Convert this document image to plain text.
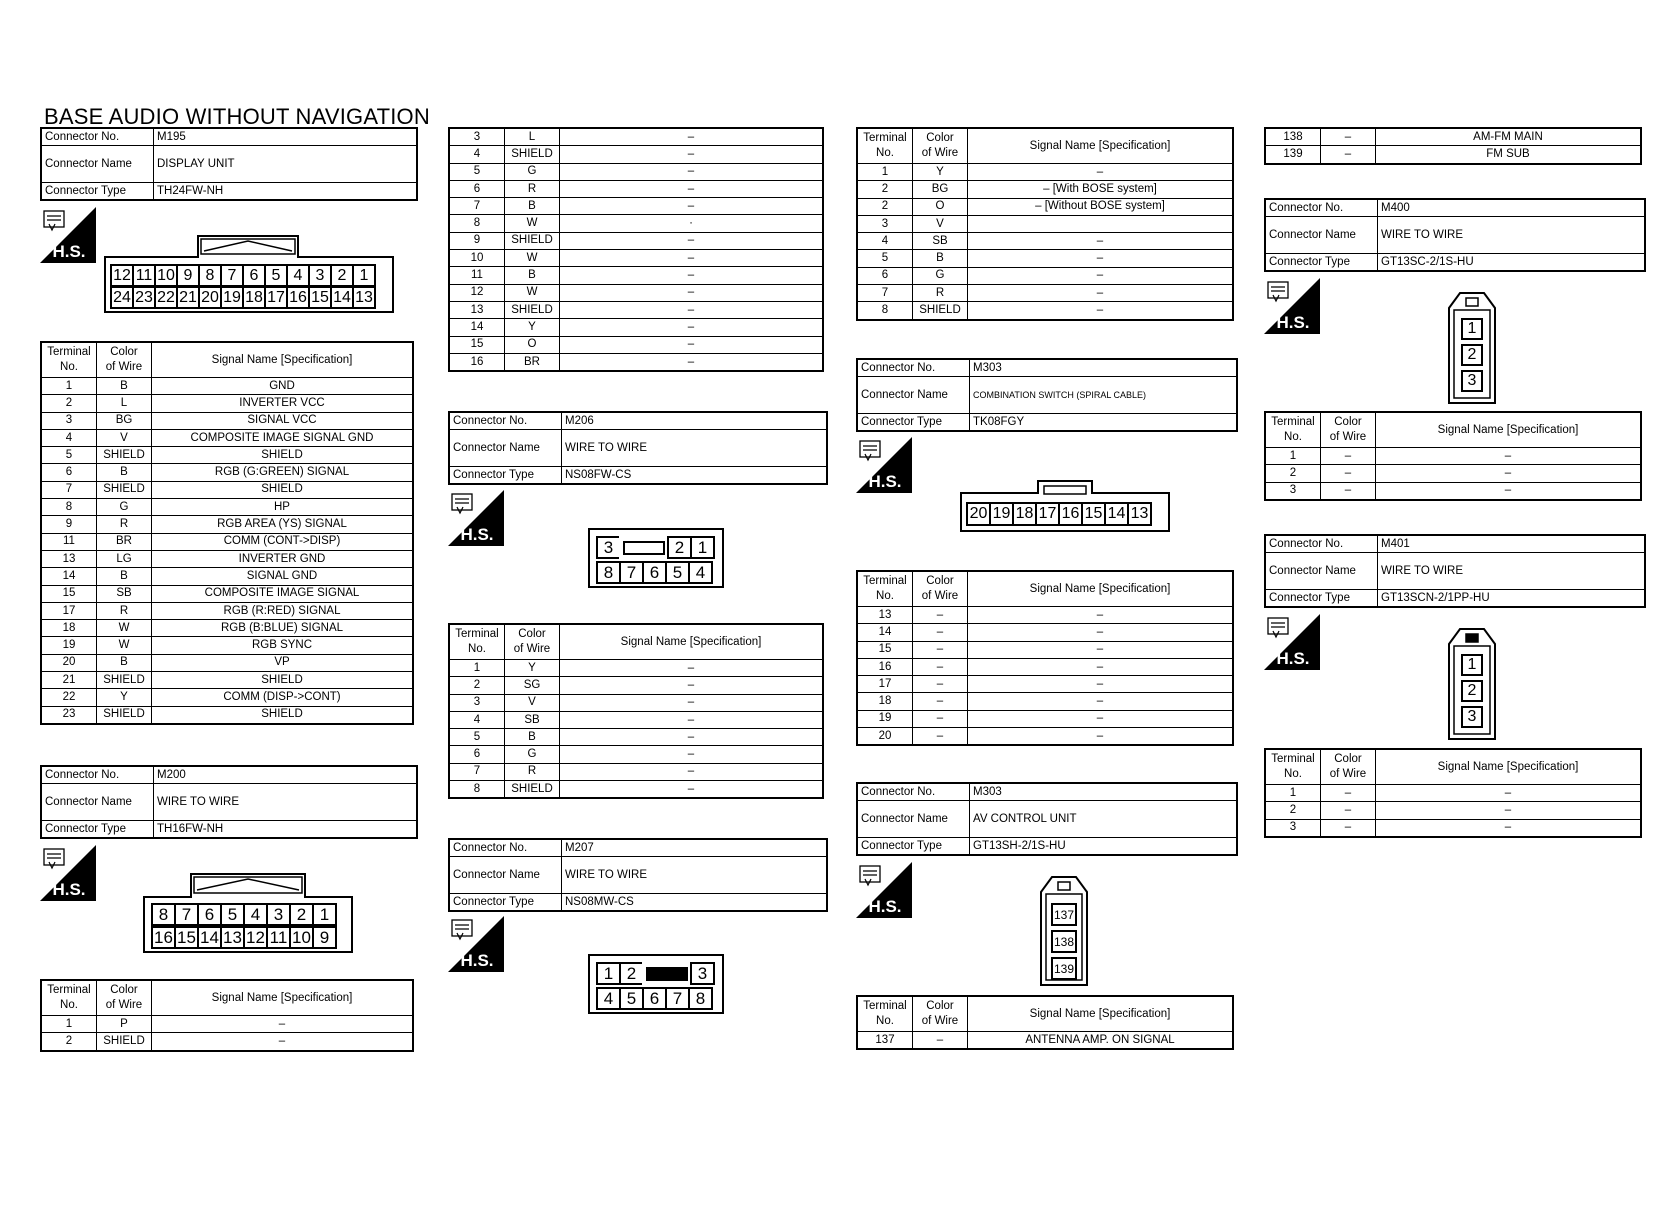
BASE AUDIO WITHOUT NAVIGATION
Connector No.	M195
Connector Name	DISPLAY UNIT
Connector Type	TH24FW-NH
H.S.
12 11 10 9 8 7 6 5 4 3 2 1
24 23 22 21 20 19 18 17 16 15 14 13
Terminal
No.	Color
of Wire	Signal Name [Specification]
1	B	GND
2	L	INVERTER VCC
3	BG	SIGNAL VCC
4	V	COMPOSITE IMAGE SIGNAL GND
5	SHIELD	SHIELD
6	B	RGB (G:GREEN) SIGNAL
7	SHIELD	SHIELD
8	G	HP
9	R	RGB AREA (YS) SIGNAL
11	BR	COMM (CONT->DISP)
13	LG	INVERTER GND
14	B	SIGNAL GND
15	SB	COMPOSITE IMAGE SIGNAL
17	R	RGB (R:RED) SIGNAL
18	W	RGB (B:BLUE) SIGNAL
19	W	RGB SYNC
20	B	VP
21	SHIELD	SHIELD
22	Y	COMM (DISP->CONT)
23	SHIELD	SHIELD
Connector No.	M200
Connector Name	WIRE TO WIRE
Connector Type	TH16FW-NH
H.S.
8 7 6 5 4 3 2 1
16 15 14 13 12 11 10 9
Terminal
No.	Color
of Wire	Signal Name [Specification]
1	P	–
2	SHIELD	–
3	L	–
4	SHIELD	–
5	G	–
6	R	–
7	B	–
8	W	·
9	SHIELD	–
10	W	–
11	B	–
12	W	–
13	SHIELD	–
14	Y	–
15	O	–
16	BR	–
Connector No.	M206
Connector Name	WIRE TO WIRE
Connector Type	NS08FW-CS
H.S.
3	2 1
8 7 6 5 4
Terminal
No.	Color
of Wire	Signal Name [Specification]
1	Y	–
2	SG	–
3	V	–
4	SB	–
5	B	–
6	G	–
7	R	–
8	SHIELD	–
Connector No.	M207
Connector Name	WIRE TO WIRE
Connector Type	NS08MW-CS
H.S.
1 2	3
4 5 6 7 8
Terminal
No.	Color
of Wire	Signal Name [Specification]
1	Y	–
2	BG	– [With BOSE system]
2	O	– [Without BOSE system]
3	V	
4	SB	–
5	B	–
6	G	–
7	R	–
8	SHIELD	–
Connector No.	M303
Connector Name	COMBINATION SWITCH (SPIRAL CABLE)
Connector Type	TK08FGY
H.S.
20 19 18 17 16 15 14 13
Terminal
No.	Color
of Wire	Signal Name [Specification]
13	–	–
14	–	–
15	–	–
16	–	–
17	–	–
18	–	–
19	–	–
20	–	–
Connector No.	M303
Connector Name	AV CONTROL UNIT
Connector Type	GT13SH-2/1S-HU
H.S.	137
138
139
Terminal
No.	Color
of Wire	Signal Name [Specification]
137	–	ANTENNA AMP. ON SIGNAL
138	–	AM-FM MAIN
139	–	FM SUB
Connector No.	M400
Connector Name	WIRE TO WIRE
Connector Type	GT13SC-2/1S-HU
H.S.	1
2
3
Terminal
No.	Color
of Wire	Signal Name [Specification]
1	–	–
2	–	–
3	–	–
Connector No.	M401
Connector Name	WIRE TO WIRE
Connector Type	GT13SCN-2/1PP-HU
H.S.	1
2
3
Terminal
No.	Color
of Wire	Signal Name [Specification]
1	–	–
2	–	–
3	–	–
